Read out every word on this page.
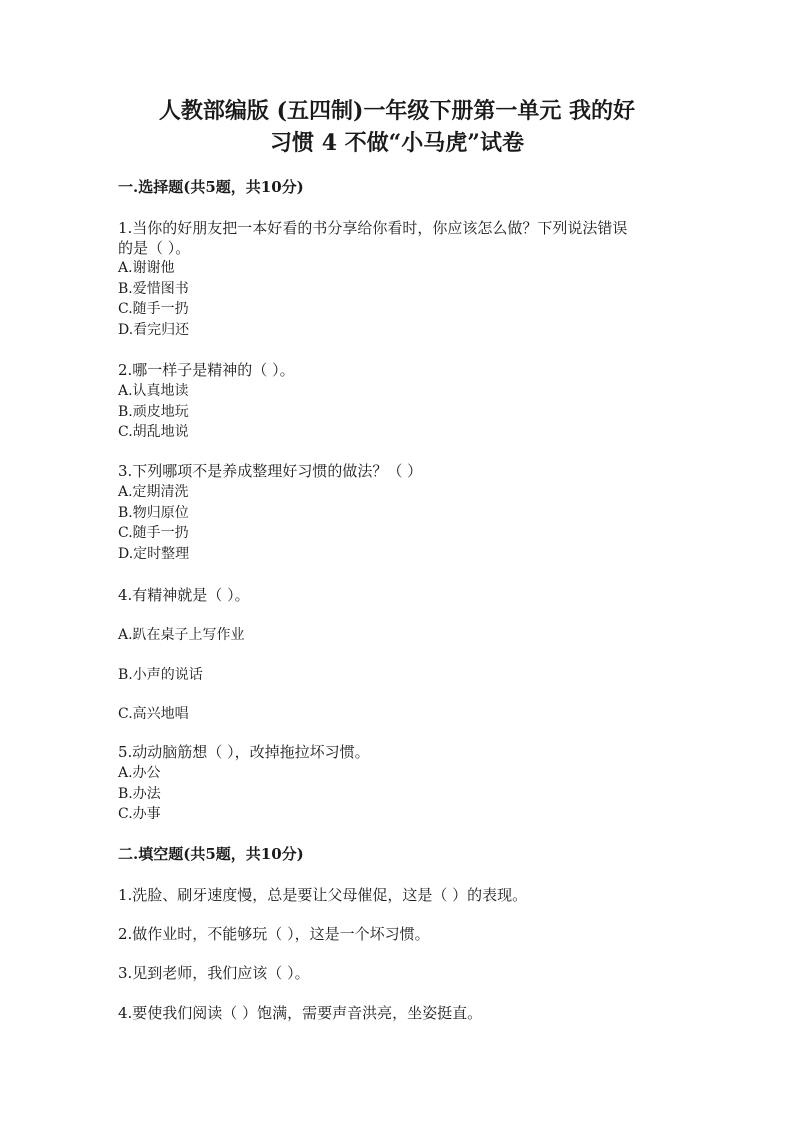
人教部编版 (五四制)一年级下册第一单元 我的好
习惯 4 不做“小马虎”试卷
一.选择题(共5题，共10分)
1.当你的好朋友把一本好看的书分享给你看时，你应该怎么做？下列说法错误
的是（ ）。
A.谢谢他
B.爱惜图书
C.随手一扔
D.看完归还
2.哪一样子是精神的（ ）。
A.认真地读
B.顽皮地玩
C.胡乱地说
3.下列哪项不是养成整理好习惯的做法？（ ）
A.定期清洗
B.物归原位
C.随手一扔
D.定时整理
4.有精神就是（ ）。
A.趴在桌子上写作业
B.小声的说话
C.高兴地唱
5.动动脑筋想（ ），改掉拖拉坏习惯。
A.办公
B.办法
C.办事
二.填空题(共5题，共10分)
1.洗脸、刷牙速度慢，总是要让父母催促，这是（ ）的表现。
2.做作业时，不能够玩（ ），这是一个坏习惯。
3.见到老师，我们应该（ ）。
4.要使我们阅读（ ）饱满，需要声音洪亮，坐姿挺直。
